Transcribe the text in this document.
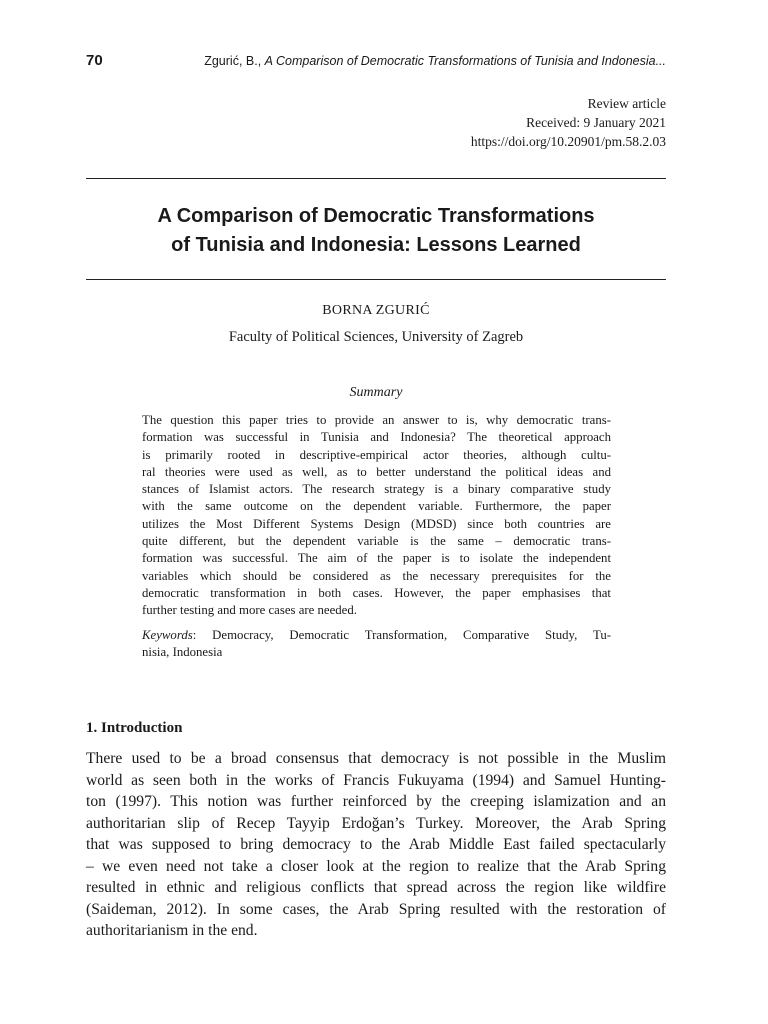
70	Zgurić, B., A Comparison of Democratic Transformations of Tunisia and Indonesia...
Review article
Received: 9 January 2021
https://doi.org/10.20901/pm.58.2.03
A Comparison of Democratic Transformations
of Tunisia and Indonesia: Lessons Learned
BORNA ZGURIĆ
Faculty of Political Sciences, University of Zagreb
Summary
The question this paper tries to provide an answer to is, why democratic trans-
formation was successful in Tunisia and Indonesia? The theoretical approach
is primarily rooted in descriptive-empirical actor theories, although cultu-
ral theories were used as well, as to better understand the political ideas and
stances of Islamist actors. The research strategy is a binary comparative study
with the same outcome on the dependent variable. Furthermore, the paper
utilizes the Most Different Systems Design (MDSD) since both countries are
quite different, but the dependent variable is the same – democratic trans-
formation was successful. The aim of the paper is to isolate the independent
variables which should be considered as the necessary prerequisites for the
democratic transformation in both cases. However, the paper emphasises that
further testing and more cases are needed.
Keywords: Democracy, Democratic Transformation, Comparative Study, Tu-
nisia, Indonesia
1. Introduction
There used to be a broad consensus that democracy is not possible in the Muslim
world as seen both in the works of Francis Fukuyama (1994) and Samuel Hunting-
ton (1997). This notion was further reinforced by the creeping islamization and an
authoritarian slip of Recep Tayyip Erdoğan’s Turkey. Moreover, the Arab Spring
that was supposed to bring democracy to the Arab Middle East failed spectacularly
– we even need not take a closer look at the region to realize that the Arab Spring
resulted in ethnic and religious conflicts that spread across the region like wildfire
(Saideman, 2012). In some cases, the Arab Spring resulted with the restoration of
authoritarianism in the end.
